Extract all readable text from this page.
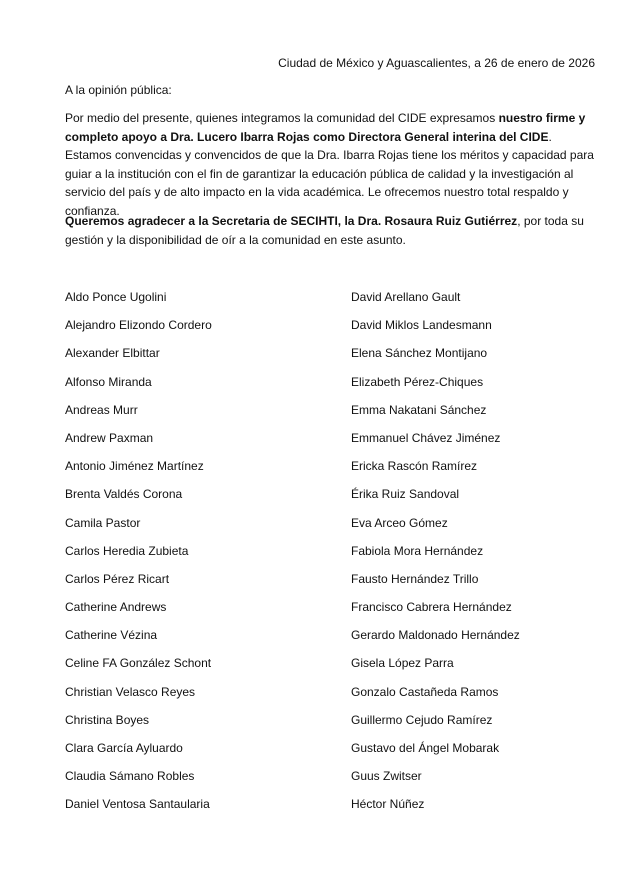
Ciudad de México y Aguascalientes, a 26 de enero de 2026
A la opinión pública:

Por medio del presente, quienes integramos la comunidad del CIDE expresamos nuestro firme y completo apoyo a Dra. Lucero Ibarra Rojas como Directora General interina del CIDE. Estamos convencidas y convencidos de que la Dra. Ibarra Rojas tiene los méritos y capacidad para guiar a la institución con el fin de garantizar la educación pública de calidad y la investigación al servicio del país y de alto impacto en la vida académica. Le ofrecemos nuestro total respaldo y confianza.

Queremos agradecer a la Secretaria de SECIHTI, la Dra. Rosaura Ruiz Gutiérrez, por toda su gestión y la disponibilidad de oír a la comunidad en este asunto.

Aldo Ponce Ugolini
Alejandro Elizondo Cordero
Alexander Elbittar
Alfonso Miranda
Andreas Murr
Andrew Paxman
Antonio Jiménez Martínez
Brenta Valdés Corona
Camila Pastor
Carlos Heredia Zubieta
Carlos Pérez Ricart
Catherine Andrews
Catherine Vézina
Celine FA González Schont
Christian Velasco Reyes
Christina Boyes
Clara García Ayluardo
Claudia Sámano Robles
Daniel Ventosa Santaularia
David Arellano Gault
David Miklos Landesmann
Elena Sánchez Montijano
Elizabeth Pérez-Chiques
Emma Nakatani Sánchez
Emmanuel Chávez Jiménez
Ericka Rascón Ramírez
Érika Ruiz Sandoval
Eva Arceo Gómez
Fabiola Mora Hernández
Fausto Hernández Trillo
Francisco Cabrera Hernández
Gerardo Maldonado Hernández
Gisela López Parra
Gonzalo Castañeda Ramos
Guillermo Cejudo Ramírez
Gustavo del Ángel Mobarak
Guus Zwitser
Héctor Núñez
